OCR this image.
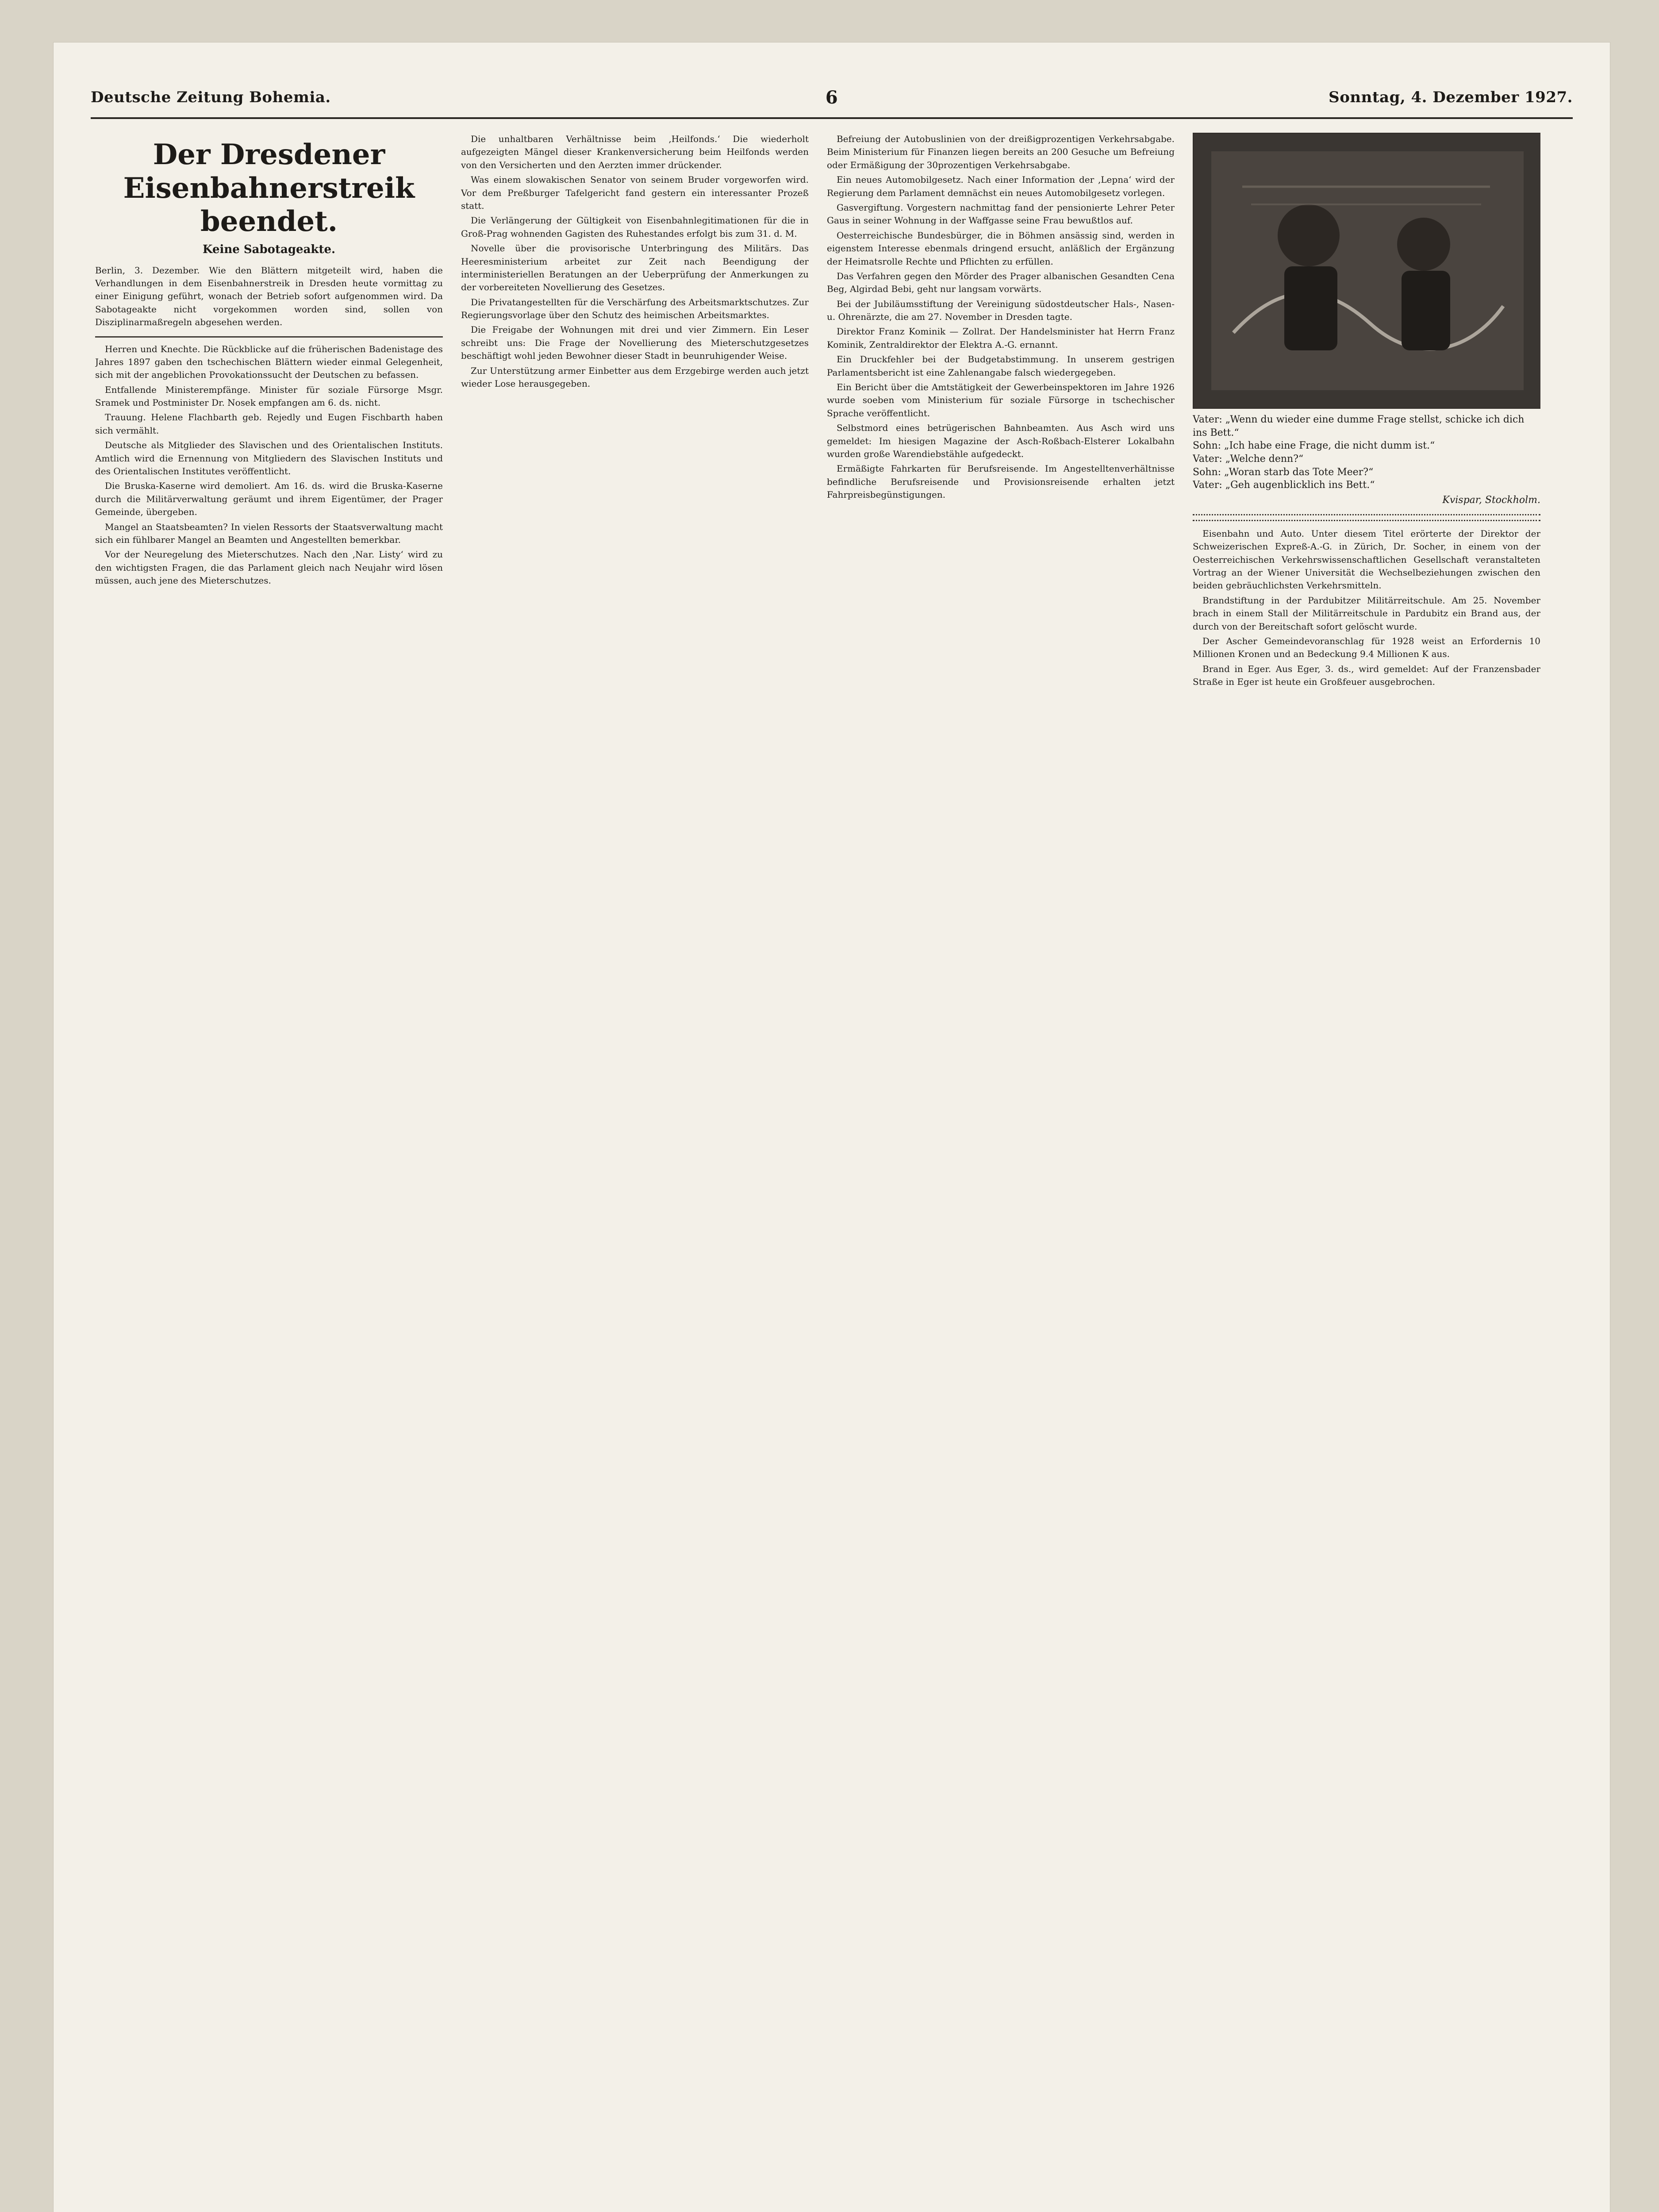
Deutsche Zeitung Bohemia.	6	Sonntag, 4. Dezember 1927.
Der Dresdener Eisenbahnerstreik beendet.
Keine Sabotageakte.

Berlin, 3. Dezember. Wie den Blättern mitgeteilt wird, haben die Verhandlungen in dem Eisenbahnerstreik in Dresden heute vormittag zu einer Einigung geführt, wonach der Betrieb sofort aufgenommen wird. Da Sabotageakte nicht vorgekommen worden sind, sollen von Disziplinarmaßregeln abgesehen werden.

Herren und Knechte. Die Rückblicke auf die früherischen Badenistage des Jahres 1897 gaben den tschechischen Blättern wieder einmal Gelegenheit, sich mit der angeblichen Provokationssucht der Deutschen zu befassen.

Entfallende Ministerempfänge. Minister für soziale Fürsorge Msgr. Sramek und Postminister Dr. Nosek empfangen am 6. ds. nicht.

Trauung. Helene Flachbarth geb. Rejedly und Eugen Fischbarth haben sich vermählt.

Deutsche als Mitglieder des Slavischen und des Orientalischen Instituts. Amtlich wird die Ernennung von Mitgliedern des Slavischen Instituts und des Orientalischen Institutes veröffentlicht.

Die Bruska-Kaserne wird demoliert. Am 16. ds. wird die Bruska-Kaserne durch die Militärverwaltung geräumt und ihrem Eigentümer, der Prager Gemeinde, übergeben.

Mangel an Staatsbeamten? In vielen Ressorts der Staatsverwaltung macht sich ein fühlbarer Mangel an Beamten und Angestellten bemerkbar.

Vor der Neuregelung des Mieterschutzes. Nach den ‚Nar. Listy‘ wird zu den wichtigsten Fragen, die das Parlament gleich nach Neujahr wird lösen müssen, auch jene des Mieterschutzes.

Die unhaltbaren Verhältnisse beim ‚Heilfonds.‘ Die wiederholt aufgezeigten Mängel dieser Krankenversicherung beim Heilfonds werden von den Versicherten und den Aerzten immer drückender.

Was einem slowakischen Senator von seinem Bruder vorgeworfen wird. Vor dem Preßburger Tafelgericht fand gestern ein interessanter Prozeß statt.

Die Verlängerung der Gültigkeit von Eisenbahnlegitimationen für die in Groß-Prag wohnenden Gagisten des Ruhestandes erfolgt bis zum 31. d. M.

Novelle über die provisorische Unterbringung des Militärs. Das Heeresministerium arbeitet zur Zeit nach Beendigung der interministeriellen Beratungen an der Ueberprüfung der Anmerkungen zu der vorbereiteten Novellierung des Gesetzes.

Die Privatangestellten für die Verschärfung des Arbeitsmarktschutzes. Zur Regierungsvorlage über den Schutz des heimischen Arbeitsmarktes.

Die Freigabe der Wohnungen mit drei und vier Zimmern. Ein Leser schreibt uns: Die Frage der Novellierung des Mieterschutzgesetzes beschäftigt wohl jeden Bewohner dieser Stadt in beunruhigender Weise.

Zur Unterstützung armer Einbetter aus dem Erzgebirge werden auch jetzt wieder Lose herausgegeben.

Befreiung der Autobuslinien von der dreißigprozentigen Verkehrsabgabe. Beim Ministerium für Finanzen liegen bereits an 200 Gesuche um Befreiung oder Ermäßigung der 30prozentigen Verkehrsabgabe.

Ein neues Automobilgesetz. Nach einer Information der ‚Lepna‘ wird der Regierung dem Parlament demnächst ein neues Automobilgesetz vorlegen.

Gasvergiftung. Vorgestern nachmittag fand der pensionierte Lehrer Peter Gaus in seiner Wohnung in der Waffgasse seine Frau bewußtlos auf.

Oesterreichische Bundesbürger, die in Böhmen ansässig sind, werden in eigenstem Interesse ebenmals dringend ersucht, anläßlich der Ergänzung der Heimatsrolle Rechte und Pflichten zu erfüllen.

Das Verfahren gegen den Mörder des Prager albanischen Gesandten Cena Beg, Algirdad Bebi, geht nur langsam vorwärts.

Bei der Jubiläumsstiftung der Vereinigung südostdeutscher Hals-, Nasen- u. Ohrenärzte, die am 27. November in Dresden tagte.

Direktor Franz Kominik — Zollrat. Der Handelsminister hat Herrn Franz Kominik, Zentraldirektor der Elektra A.-G. ernannt.

Ein Druckfehler bei der Budgetabstimmung. In unserem gestrigen Parlamentsbericht ist eine Zahlenangabe falsch wiedergegeben.

Ein Bericht über die Amtstätigkeit der Gewerbeinspektoren im Jahre 1926 wurde soeben vom Ministerium für soziale Fürsorge in tschechischer Sprache veröffentlicht.

Selbstmord eines betrügerischen Bahnbeamten. Aus Asch wird uns gemeldet: Im hiesigen Magazine der Asch-Roßbach-Elsterer Lokalbahn wurden große Warendiebstähle aufgedeckt.

Ermäßigte Fahrkarten für Berufsreisende. Im Angestelltenverhältnisse befindliche Berufsreisende und Provisionsreisende erhalten jetzt Fahrpreisbegünstigungen.

Vater: „Wenn du wieder eine dumme Frage stellst, schicke ich dich ins Bett.“
Sohn: „Ich habe eine Frage, die nicht dumm ist.“
Vater: „Welche denn?“
Sohn: „Woran starb das Tote Meer?“
Vater: „Geh augenblicklich ins Bett.“
Kvispar, Stockholm.

Eisenbahn und Auto. Unter diesem Titel erörterte der Direktor der Schweizerischen Expreß-A.-G. in Zürich, Dr. Socher, in einem von der Oesterreichischen Verkehrswissenschaftlichen Gesellschaft veranstalteten Vortrag an der Wiener Universität die Wechselbeziehungen zwischen den beiden gebräuchlichsten Verkehrsmitteln.

Brandstiftung in der Pardubitzer Militärreitschule. Am 25. November brach in einem Stall der Militärreitschule in Pardubitz ein Brand aus, der durch von der Bereitschaft sofort gelöscht wurde.

Der Ascher Gemeindevoranschlag für 1928 weist an Erfordernis 10 Millionen Kronen und an Bedeckung 9.4 Millionen K aus.

Brand in Eger. Aus Eger, 3. ds., wird gemeldet: Auf der Franzensbader Straße in Eger ist heute ein Großfeuer ausgebrochen.
